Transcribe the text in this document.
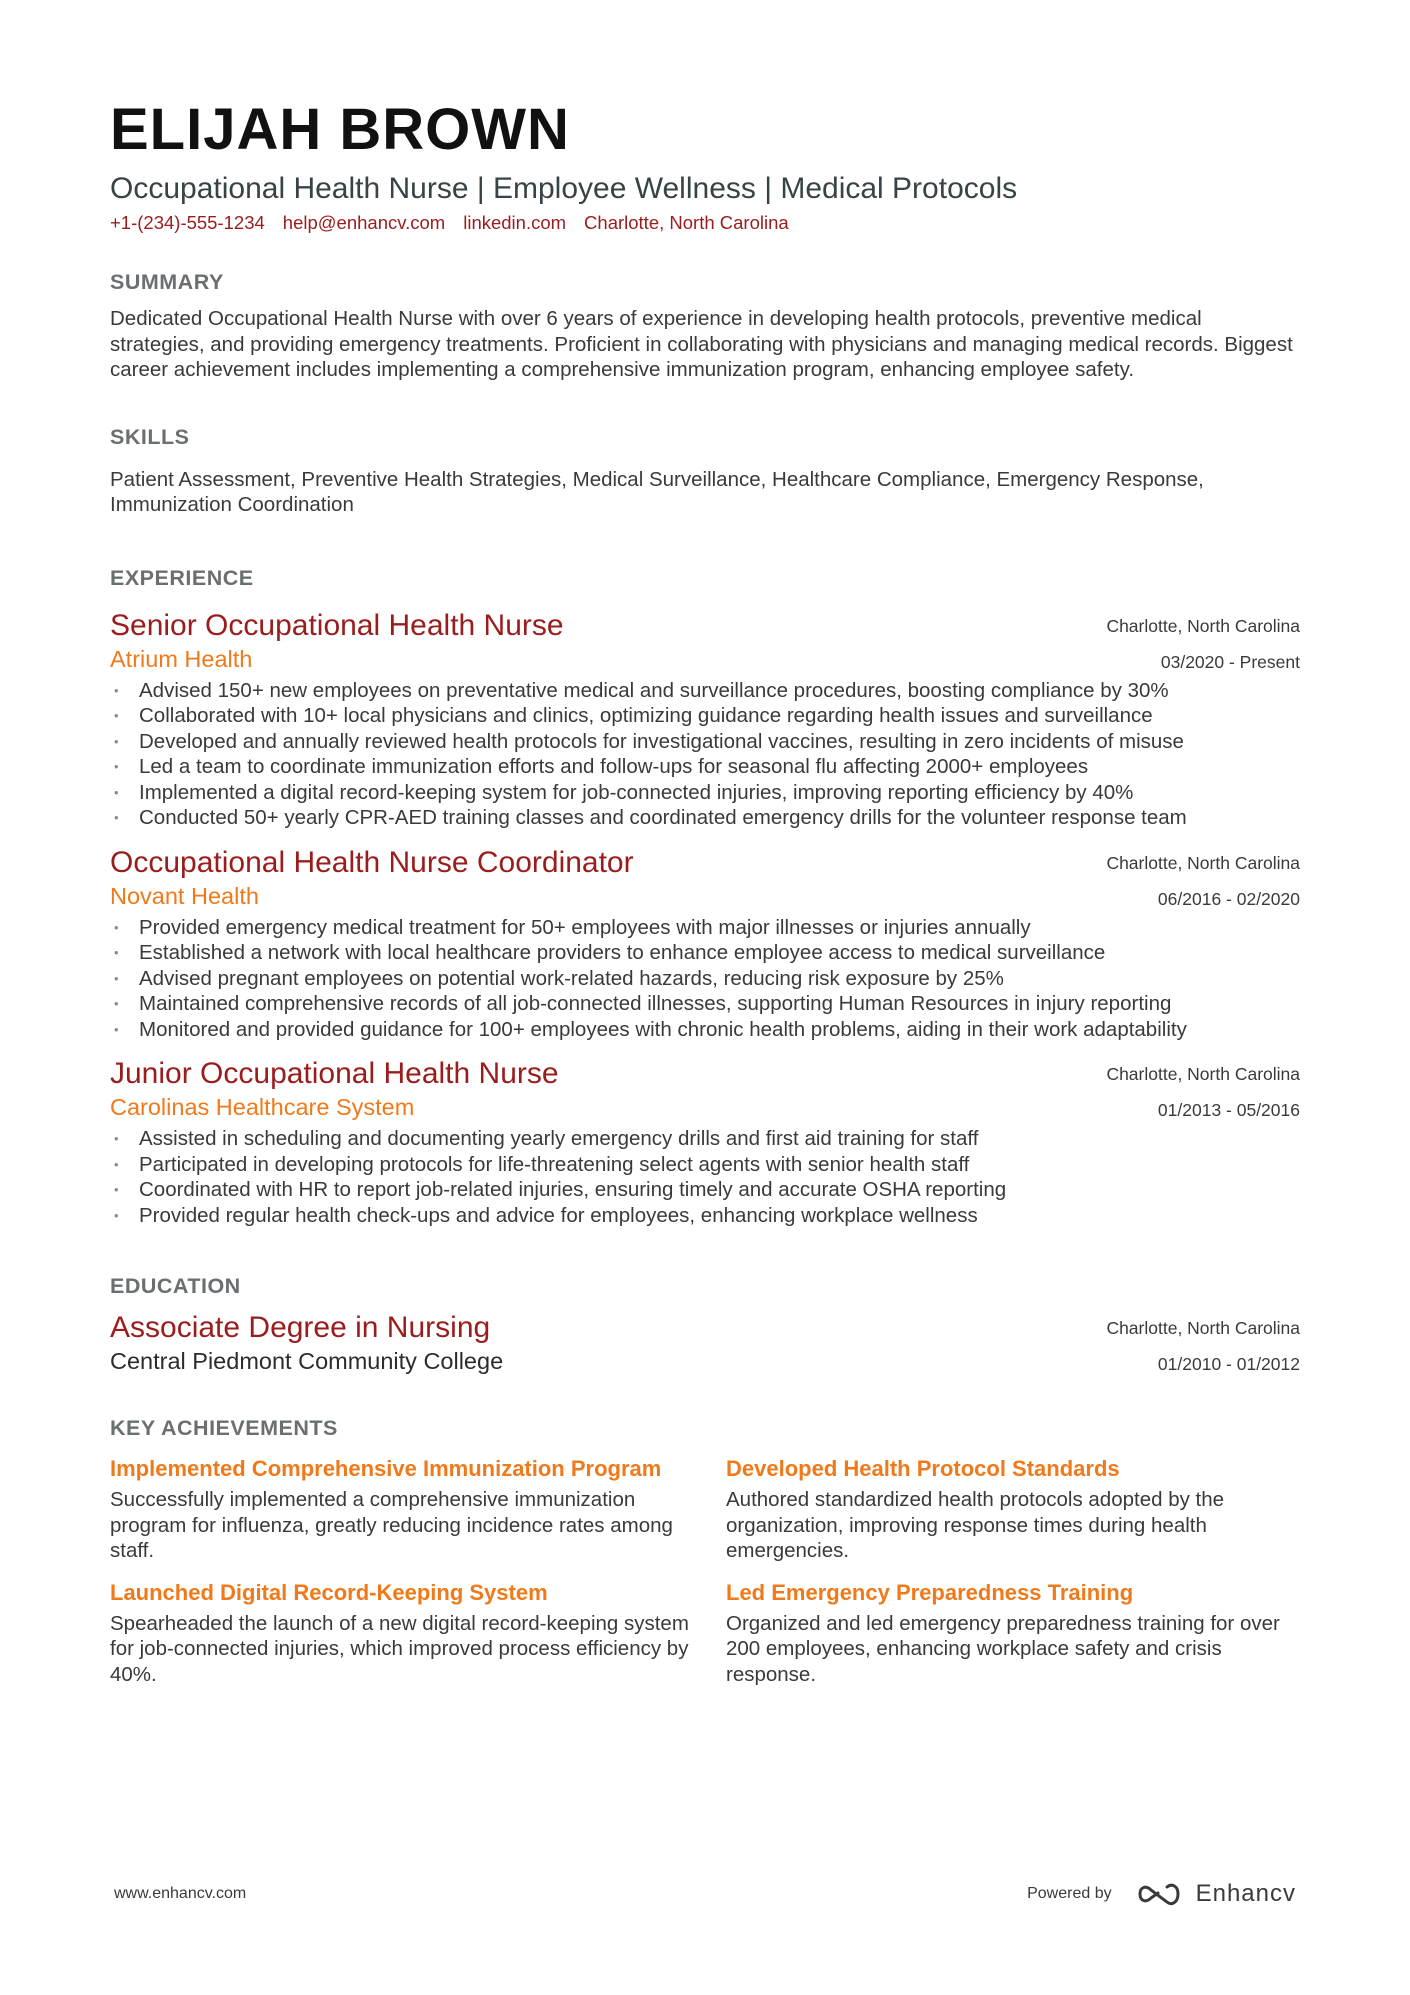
ELIJAH BROWN
Occupational Health Nurse | Employee Wellness | Medical Protocols
+1-(234)-555-1234 help@enhancv.com linkedin.com Charlotte, North Carolina
SUMMARY

Dedicated Occupational Health Nurse with over 6 years of experience in developing health protocols, preventive medical strategies, and providing emergency treatments. Proficient in collaborating with physicians and managing medical records. Biggest career achievement includes implementing a comprehensive immunization program, enhancing employee safety.

SKILLS

Patient Assessment, Preventive Health Strategies, Medical Surveillance, Healthcare Compliance, Emergency Response, Immunization Coordination

EXPERIENCE
Senior Occupational Health Nurse
Atrium Health
Charlotte, North Carolina
03/2020 - Present
• Advised 150+ new employees on preventative medical and surveillance procedures, boosting compliance by 30%
• Collaborated with 10+ local physicians and clinics, optimizing guidance regarding health issues and surveillance
• Developed and annually reviewed health protocols for investigational vaccines, resulting in zero incidents of misuse
• Led a team to coordinate immunization efforts and follow-ups for seasonal flu affecting 2000+ employees
• Implemented a digital record-keeping system for job-connected injuries, improving reporting efficiency by 40%
• Conducted 50+ yearly CPR-AED training classes and coordinated emergency drills for the volunteer response team
Occupational Health Nurse Coordinator
Novant Health
Charlotte, North Carolina
06/2016 - 02/2020
• Provided emergency medical treatment for 50+ employees with major illnesses or injuries annually
• Established a network with local healthcare providers to enhance employee access to medical surveillance
• Advised pregnant employees on potential work-related hazards, reducing risk exposure by 25%
• Maintained comprehensive records of all job-connected illnesses, supporting Human Resources in injury reporting
• Monitored and provided guidance for 100+ employees with chronic health problems, aiding in their work adaptability
Junior Occupational Health Nurse
Carolinas Healthcare System
Charlotte, North Carolina
01/2013 - 05/2016
• Assisted in scheduling and documenting yearly emergency drills and first aid training for staff
• Participated in developing protocols for life-threatening select agents with senior health staff
• Coordinated with HR to report job-related injuries, ensuring timely and accurate OSHA reporting
• Provided regular health check-ups and advice for employees, enhancing workplace wellness
EDUCATION
Associate Degree in Nursing
Central Piedmont Community College
Charlotte, North Carolina
01/2010 - 01/2012
KEY ACHIEVEMENTS
Implemented Comprehensive Immunization Program
Successfully implemented a comprehensive immunization program for influenza, greatly reducing incidence rates among staff.
Developed Health Protocol Standards
Authored standardized health protocols adopted by the organization, improving response times during health emergencies.
Launched Digital Record-Keeping System
Spearheaded the launch of a new digital record-keeping system for job-connected injuries, which improved process efficiency by 40%.
Led Emergency Preparedness Training
Organized and led emergency preparedness training for over 200 employees, enhancing workplace safety and crisis response.
www.enhancv.com	Powered by	Enhancv
